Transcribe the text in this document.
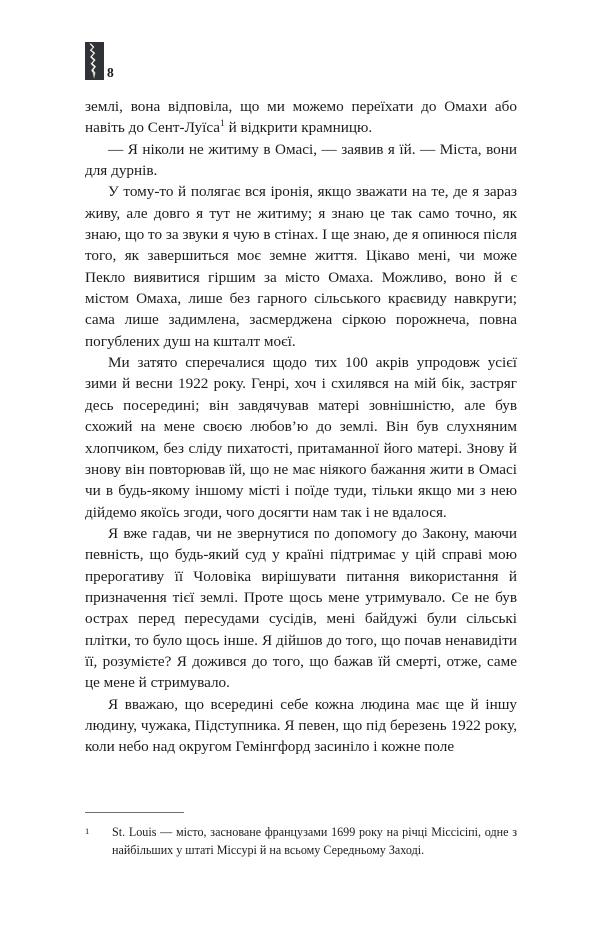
8

землі, вона відповіла, що ми можемо переїхати до Омахи або навіть до Сент-Луїса$^1$ й відкрити крамницю.

— Я ніколи не житиму в Омасі, — заявив я їй. — Міста, вони для дурнів.

У тому-то й полягає вся іронія, якщо зважати на те, де я зараз живу, але довго я тут не житиму; я знаю це так само точно, як знаю, що то за звуки я чую в стінах. І ще знаю, де я опинюся після того, як завершиться моє земне життя. Цікаво мені, чи може Пекло виявитися гіршим за місто Омаха. Можливо, воно й є містом Омаха, лише без гарного сільського краєвиду навкруги; сама лише задимлена, засмерджена сіркою порожнеча, повна погублених душ на кшталт моєї.

Ми затято сперечалися щодо тих 100 акрів упродовж усієї зими й весни 1922 року. Генрі, хоч і схилявся на мій бік, застряг десь посередині; він завдячував матері зовнішністю, але був схожий на мене своєю любов’ю до землі. Він був слухняним хлопчиком, без сліду пихатості, притаманної його матері. Знову й знову він повторював їй, що не має ніякого бажання жити в Омасі чи в будь-якому іншому місті і поїде туди, тільки якщо ми з нею дійдемо якоїсь згоди, чого досягти нам так і не вдалося.

Я вже гадав, чи не звернутися по допомогу до Закону, маючи певність, що будь-який суд у країні підтримає у цій справі мою прерогативу її Чоловіка вирішувати питання використання й призначення тієї землі. Проте щось мене утримувало. Се не був острах перед пересудами сусідів, мені байдужі були сільські плітки, то було щось інше. Я дійшов до того, що почав ненавидіти її, розумієте? Я дожився до того, що бажав їй смерті, отже, саме це мене й стримувало.

Я вважаю, що всередині себе кожна людина має ще й іншу людину, чужака, Підступника. Я певен, що під березень 1922 року, коли небо над округом Гемінгфорд засиніло і кожне поле

1 St. Louis — місто, засноване французами 1699 року на річці Міссісіпі, одне з найбільших у штаті Міссурі й на всьому Середньому Заході.
